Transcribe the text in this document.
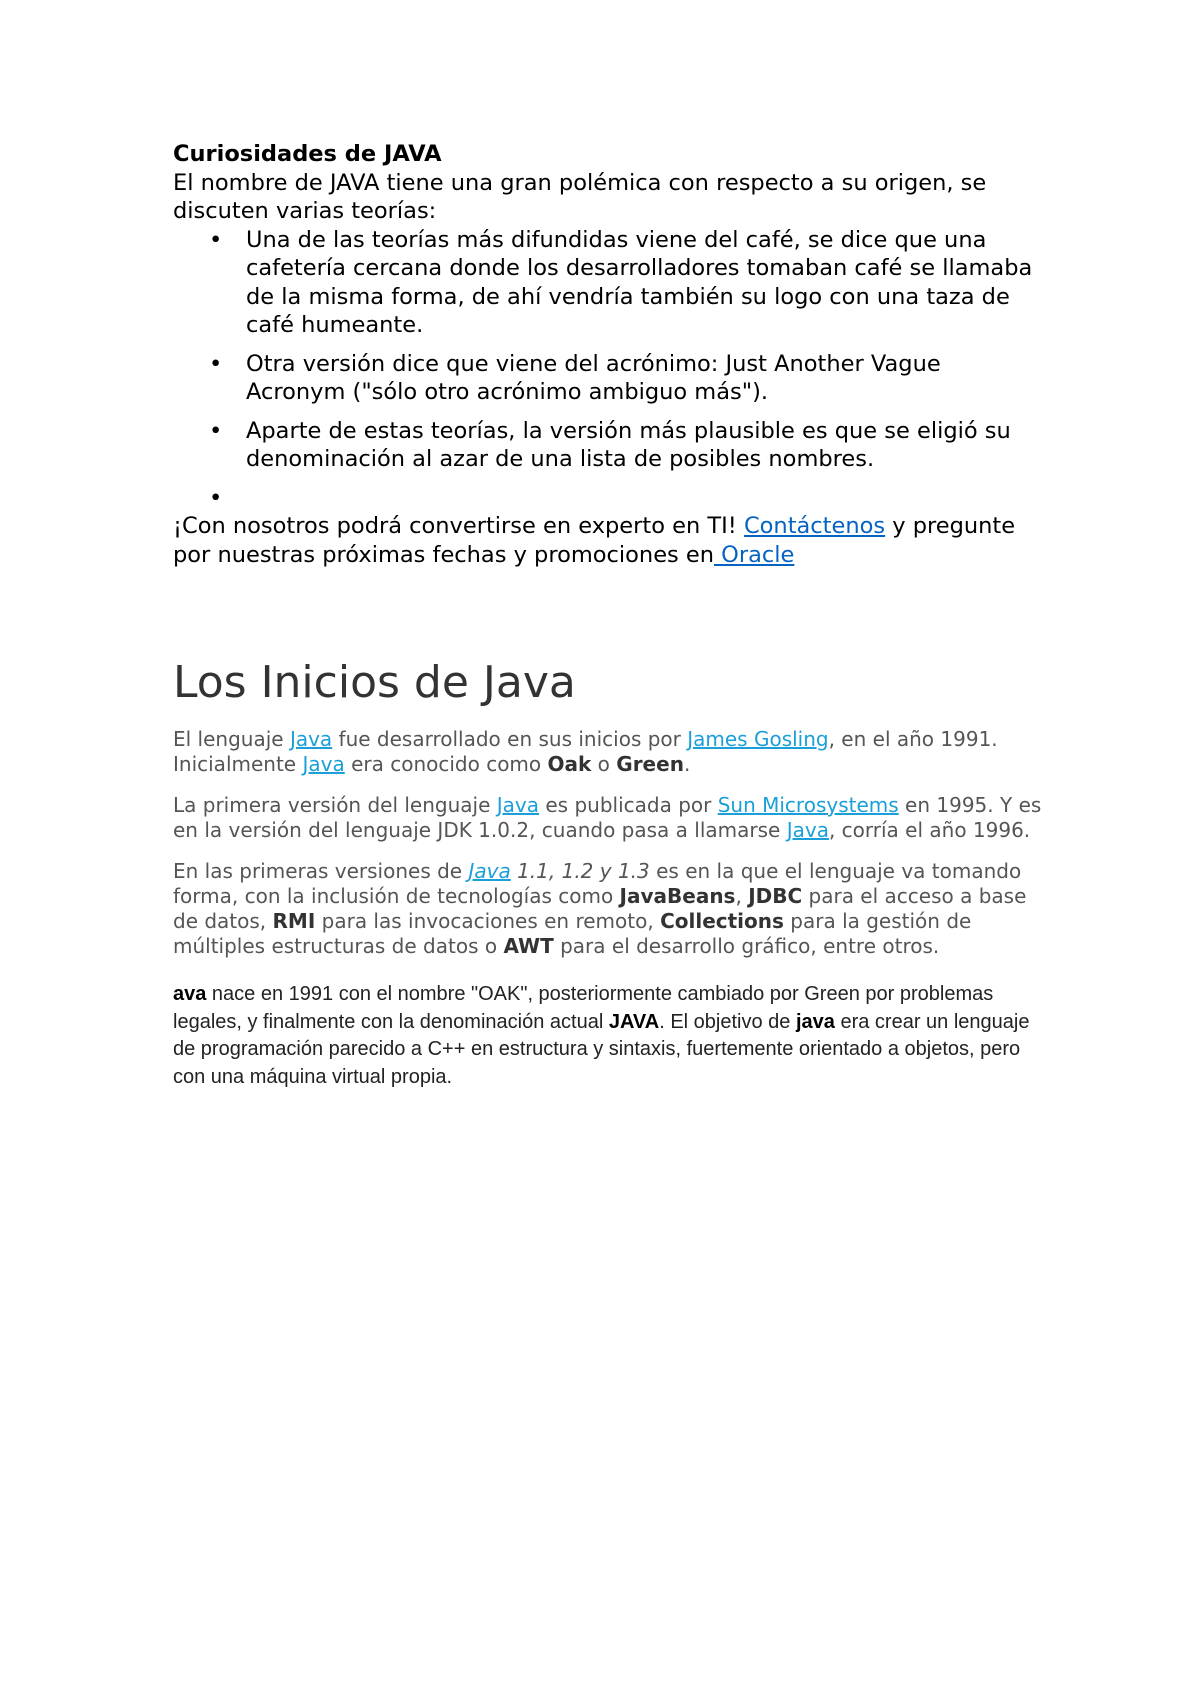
Curiosidades de JAVA

El nombre de JAVA tiene una gran polémica con respecto a su origen, se discuten varias teorías:

• Una de las teorías más difundidas viene del café, se dice que una cafetería cercana donde los desarrolladores tomaban café se llamaba de la misma forma, de ahí vendría también su logo con una taza de café humeante.
• Otra versión dice que viene del acrónimo: Just Another Vague Acronym ("sólo otro acrónimo ambiguo más").
• Aparte de estas teorías, la versión más plausible es que se eligió su denominación al azar de una lista de posibles nombres.
•

¡Con nosotros podrá convertirse en experto en TI! Contáctenos y pregunte por nuestras próximas fechas y promociones en Oracle

Los Inicios de Java

El lenguaje Java fue desarrollado en sus inicios por James Gosling, en el año 1991. Inicialmente Java era conocido como Oak o Green.

La primera versión del lenguaje Java es publicada por Sun Microsystems en 1995. Y es en la versión del lenguaje JDK 1.0.2, cuando pasa a llamarse Java, corría el año 1996.

En las primeras versiones de Java 1.1, 1.2 y 1.3 es en la que el lenguaje va tomando forma, con la inclusión de tecnologías como JavaBeans, JDBC para el acceso a base de datos, RMI para las invocaciones en remoto, Collections para la gestión de múltiples estructuras de datos o AWT para el desarrollo gráfico, entre otros.

ava nace en 1991 con el nombre "OAK", posteriormente cambiado por Green por problemas legales, y finalmente con la denominación actual JAVA. El objetivo de java era crear un lenguaje de programación parecido a C++ en estructura y sintaxis, fuertemente orientado a objetos, pero con una máquina virtual propia.
